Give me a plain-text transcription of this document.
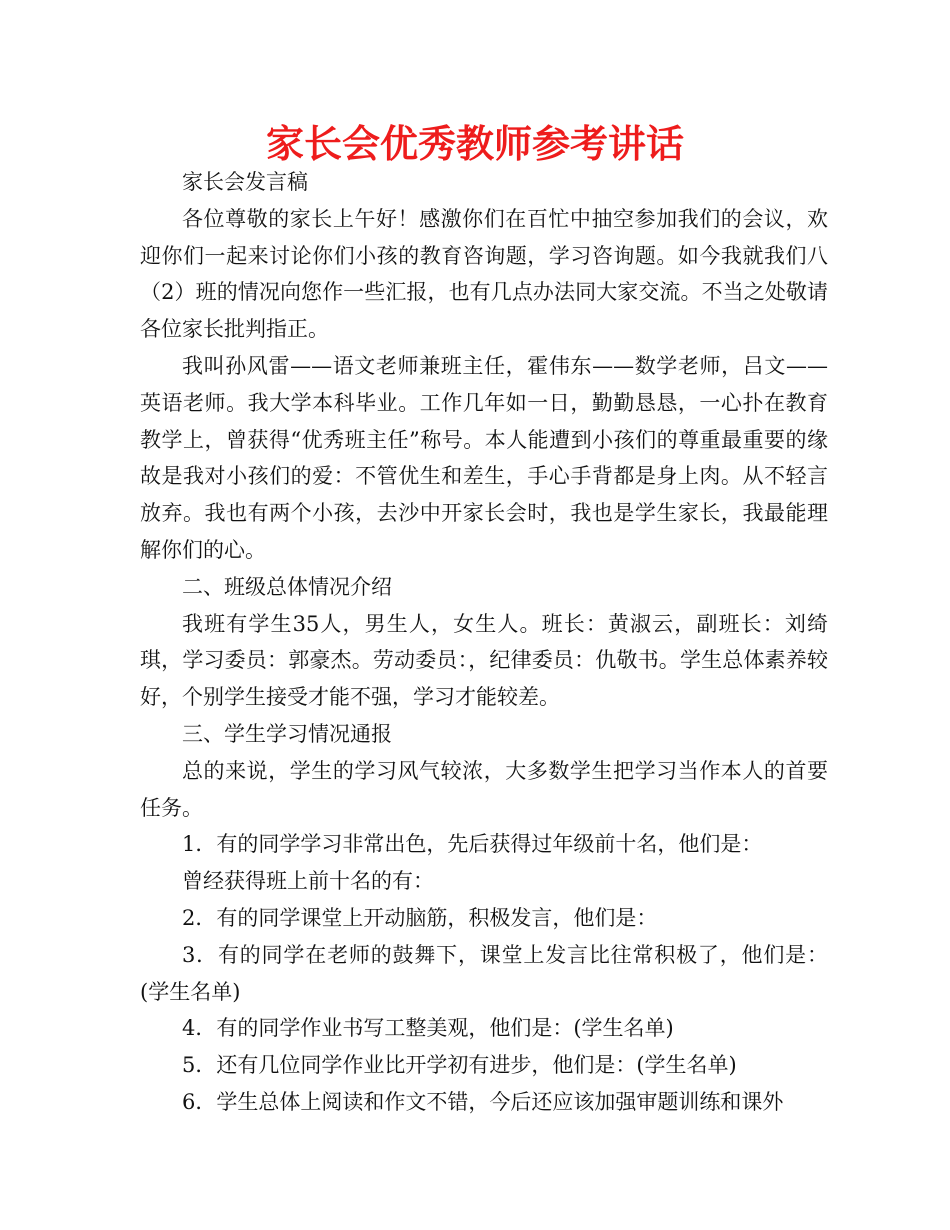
家长会优秀教师参考讲话

家长会发言稿

各位尊敬的家长上午好！感激你们在百忙中抽空参加我们的会议，欢迎你们一起来讨论你们小孩的教育咨询题，学习咨询题。如今我就我们八（2）班的情况向您作一些汇报，也有几点办法同大家交流。不当之处敬请各位家长批判指正。

我叫孙风雷——语文老师兼班主任，霍伟东——数学老师，吕文——英语老师。我大学本科毕业。工作几年如一日，勤勤恳恳，一心扑在教育教学上，曾获得“优秀班主任”称号。本人能遭到小孩们的尊重最重要的缘故是我对小孩们的爱：不管优生和差生，手心手背都是身上肉。从不轻言放弃。我也有两个小孩，去沙中开家长会时，我也是学生家长，我最能理解你们的心。

二、班级总体情况介绍

我班有学生35人，男生人，女生人。班长：黄淑云，副班长：刘绮琪，学习委员：郭豪杰。劳动委员：，纪律委员：仇敬书。学生总体素养较好，个别学生接受才能不强，学习才能较差。

三、学生学习情况通报

总的来说，学生的学习风气较浓，大多数学生把学习当作本人的首要任务。

1．有的同学学习非常出色，先后获得过年级前十名，他们是：

曾经获得班上前十名的有：

2．有的同学课堂上开动脑筋，积极发言，他们是：

3．有的同学在老师的鼓舞下，课堂上发言比往常积极了，他们是：(学生名单)

4．有的同学作业书写工整美观，他们是：(学生名单)

5．还有几位同学作业比开学初有进步，他们是：(学生名单)

6．学生总体上阅读和作文不错，今后还应该加强审题训练和课外
